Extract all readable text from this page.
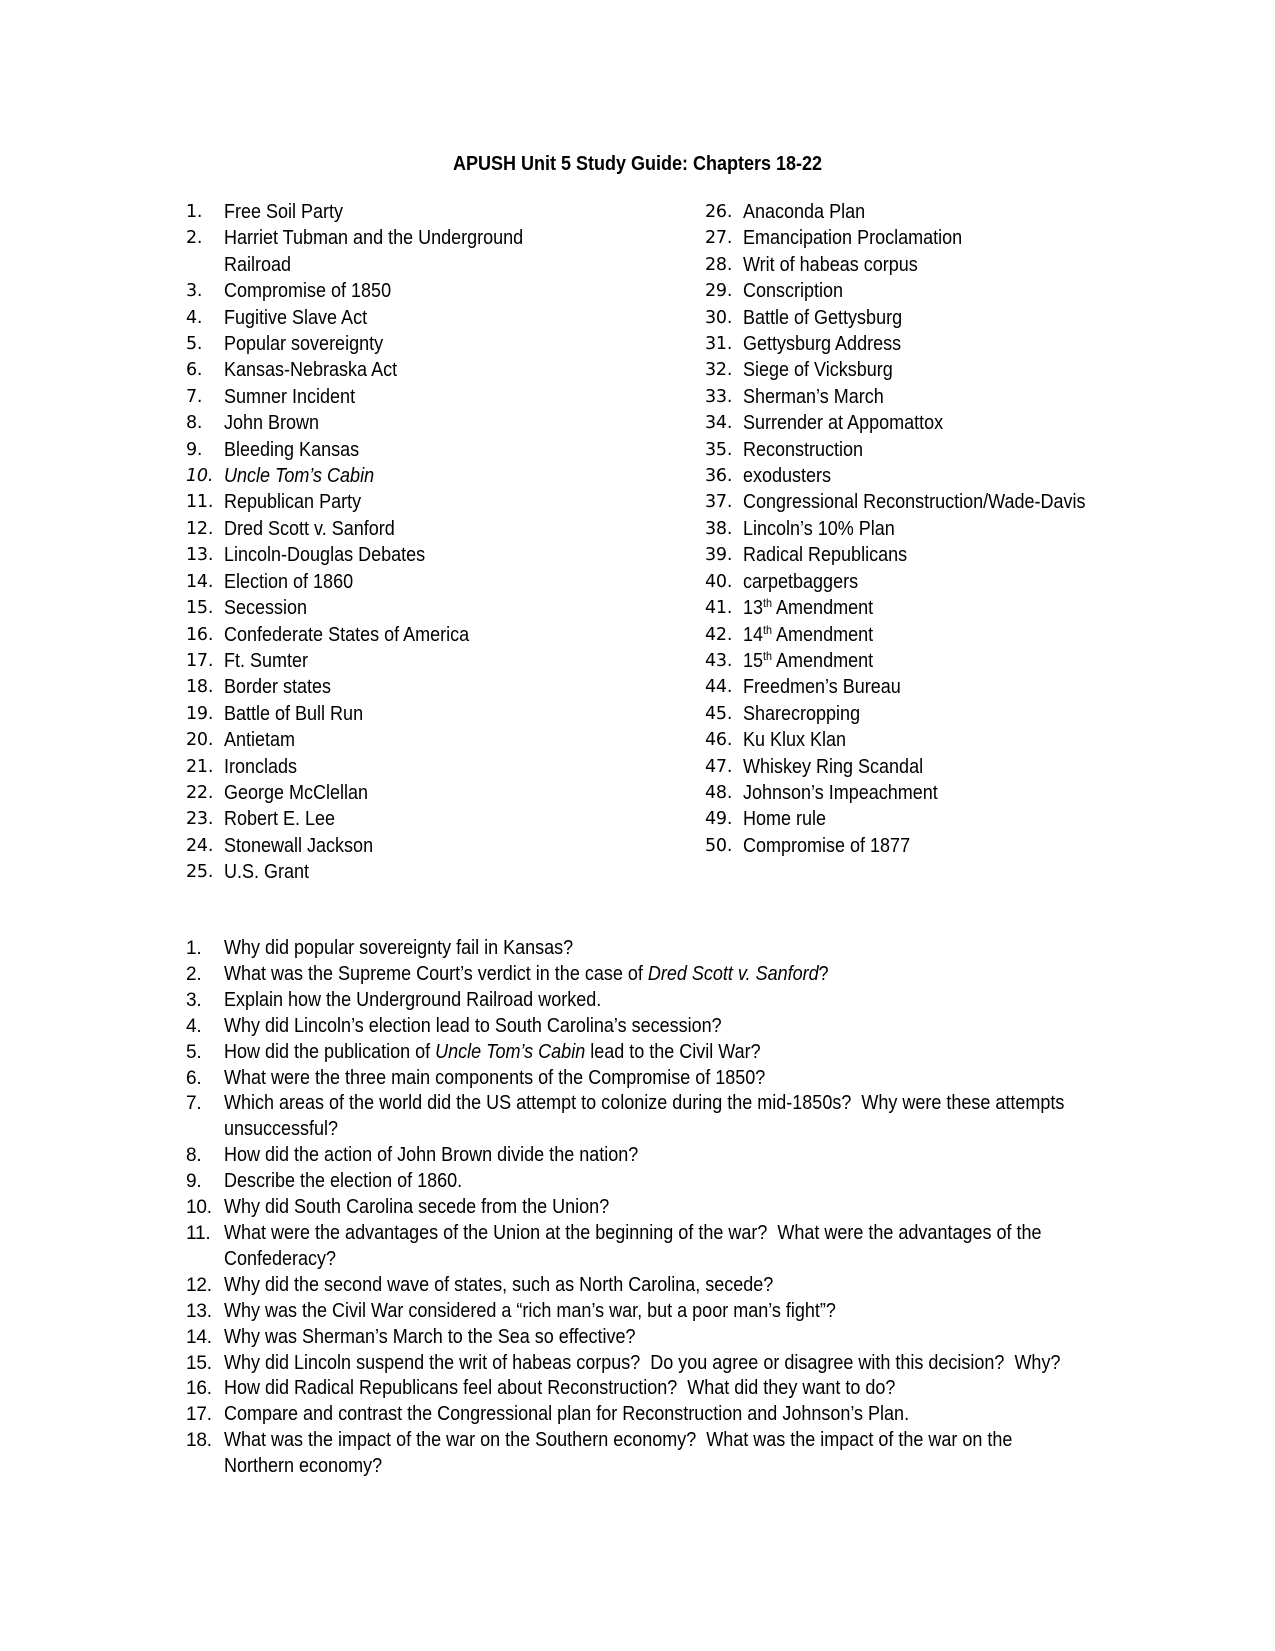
APUSH Unit 5 Study Guide: Chapters 18-22
1.	Free Soil Party
2.	Harriet Tubman and the Underground
Railroad
3.	Compromise of 1850
4.	Fugitive Slave Act
5.	Popular sovereignty
6.	Kansas-Nebraska Act
7.	Sumner Incident
8.	John Brown
9.	Bleeding Kansas
10. Uncle Tom’s Cabin
11. Republican Party
12. Dred Scott v. Sanford
13. Lincoln-Douglas Debates
14. Election of 1860
15. Secession
16. Confederate States of America
17. Ft. Sumter
18. Border states
19. Battle of Bull Run
20. Antietam
21. Ironclads
22. George McClellan
23. Robert E. Lee
24. Stonewall Jackson
25. U.S. Grant
26. Anaconda Plan
27. Emancipation Proclamation
28. Writ of habeas corpus
29. Conscription
30. Battle of Gettysburg
31. Gettysburg Address
32. Siege of Vicksburg
33. Sherman’s March
34. Surrender at Appomattox
35. Reconstruction
36. exodusters
37. Congressional Reconstruction/Wade-Davis
38. Lincoln’s 10% Plan
39. Radical Republicans
40. carpetbaggers
41. 13th Amendment
42. 14th Amendment
43. 15th Amendment
44. Freedmen’s Bureau
45. Sharecropping
46. Ku Klux Klan
47. Whiskey Ring Scandal
48. Johnson’s Impeachment
49. Home rule
50. Compromise of 1877
1.	Why did popular sovereignty fail in Kansas?
2.	What was the Supreme Court’s verdict in the case of Dred Scott v. Sanford?
3.	Explain how the Underground Railroad worked.
4.	Why did Lincoln’s election lead to South Carolina’s secession?
5.	How did the publication of Uncle Tom’s Cabin lead to the Civil War?
6.	What were the three main components of the Compromise of 1850?
7.	Which areas of the world did the US attempt to colonize during the mid-1850s?  Why were these attempts
unsuccessful?
8.	How did the action of John Brown divide the nation?
9.	Describe the election of 1860.
10. Why did South Carolina secede from the Union?
11. What were the advantages of the Union at the beginning of the war?  What were the advantages of the
Confederacy?
12. Why did the second wave of states, such as North Carolina, secede?
13. Why was the Civil War considered a “rich man’s war, but a poor man’s fight”?
14. Why was Sherman’s March to the Sea so effective?
15. Why did Lincoln suspend the writ of habeas corpus?  Do you agree or disagree with this decision?  Why?
16. How did Radical Republicans feel about Reconstruction?  What did they want to do?
17. Compare and contrast the Congressional plan for Reconstruction and Johnson’s Plan.
18. What was the impact of the war on the Southern economy?  What was the impact of the war on the
Northern economy?
